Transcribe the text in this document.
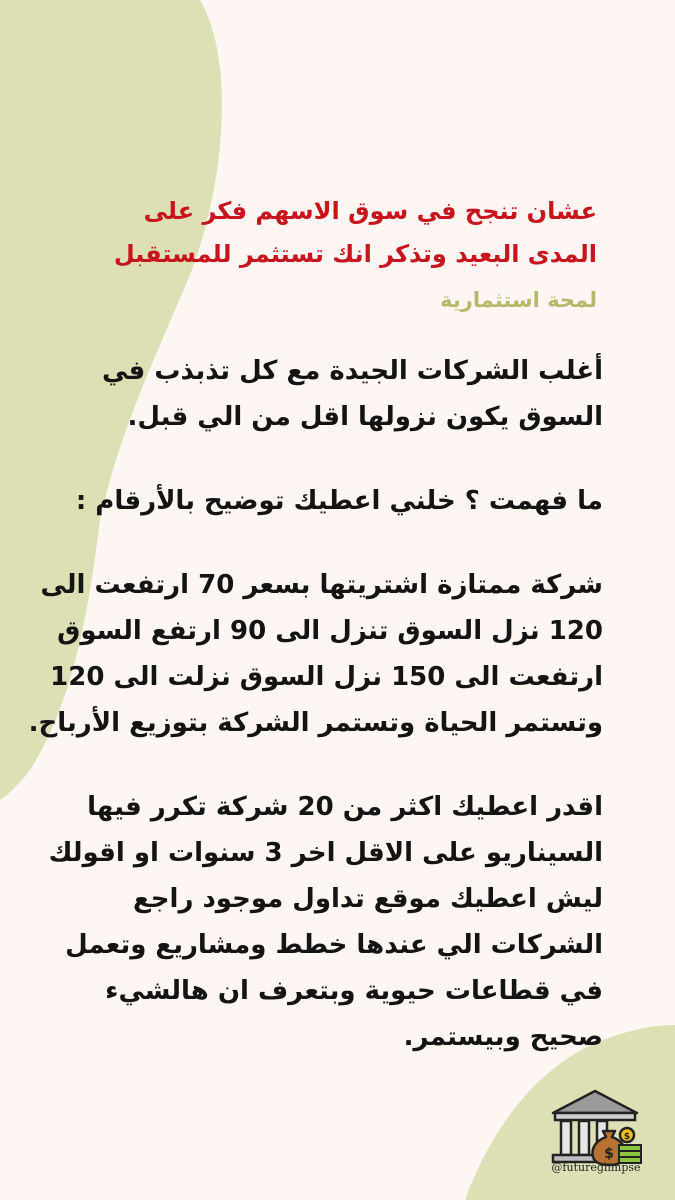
عشان تنجح في سوق الاسهم فكر على
المدى البعيد وتذكر انك تستثمر للمستقبل
لمحة استثمارية
أغلب الشركات الجيدة مع كل تذبذب في
السوق يكون نزولها اقل من الي قبل.
ما فهمت ؟ خلني اعطيك توضيح بالأرقام :
شركة ممتازة اشتريتها بسعر 70 ارتفعت الى
120 نزل السوق تنزل الى 90 ارتفع السوق
ارتفعت الى 150 نزل السوق نزلت الى 120
وتستمر الحياة وتستمر الشركة بتوزيع الأرباح.
اقدر اعطيك اكثر من 20 شركة تكرر فيها
السيناريو على الاقل اخر 3 سنوات او اقولك
ليش اعطيك موقع تداول موجود راجع
الشركات الي عندها خطط ومشاريع وتعمل
في قطاعات حيوية وبتعرف ان هالشيء
صحيح وبيستمر.
$
$
@futureglimpse
